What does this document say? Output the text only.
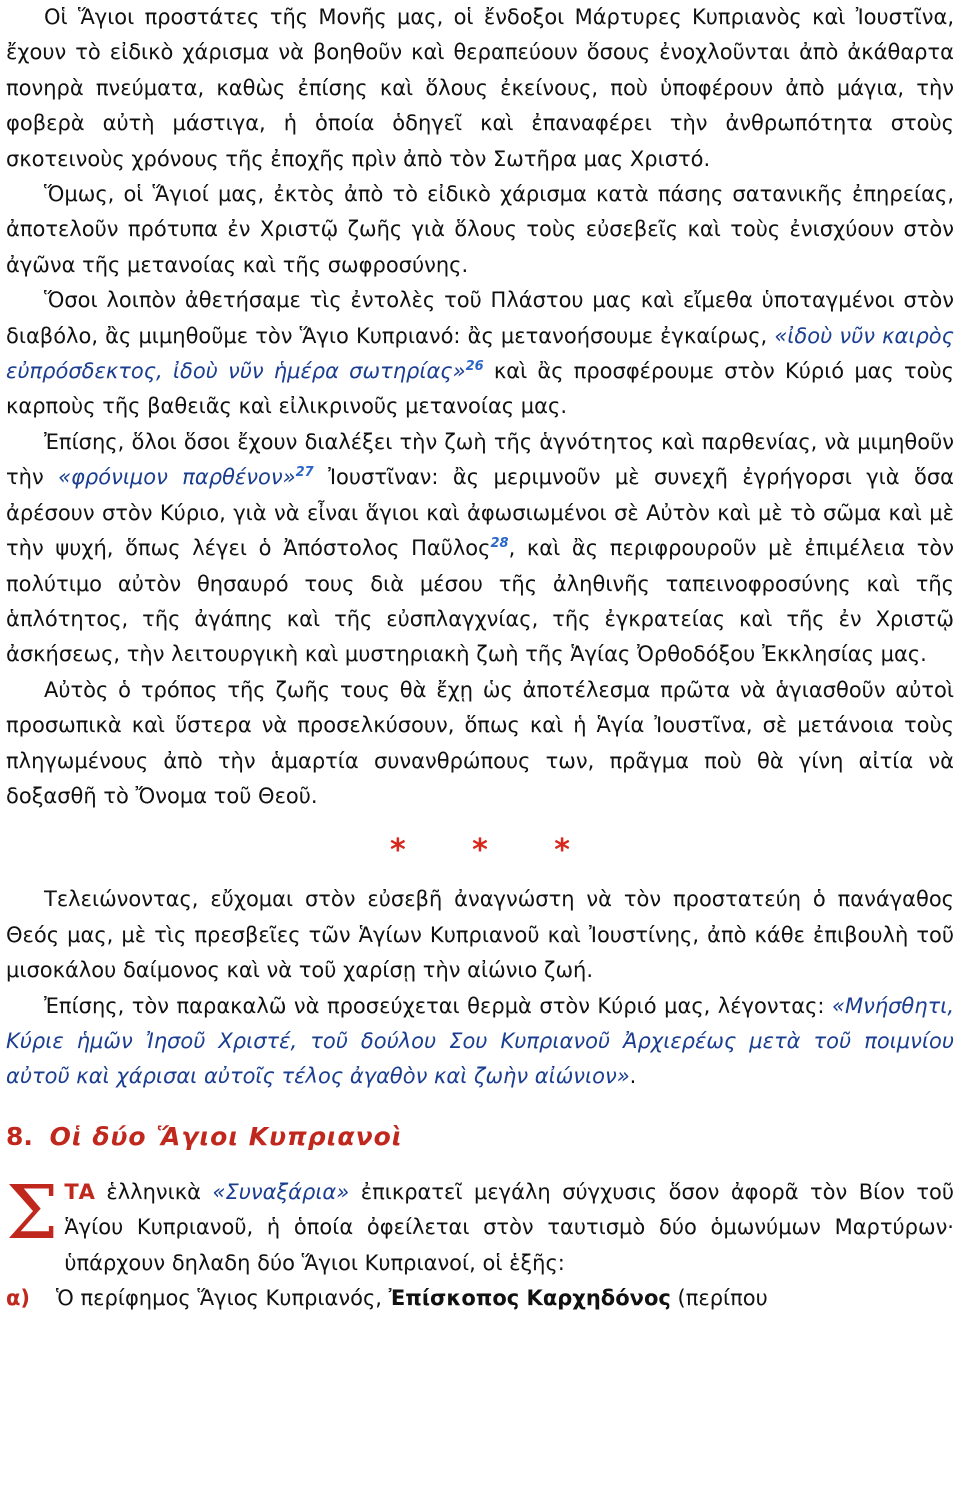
Οἱ Ἅγιοι προστάτες τῆς Μονῆς μας, οἱ ἔνδοξοι Μάρτυρες Κυπριανὸς καὶ Ἰουστῖνα, ἔχουν τὸ εἰδικὸ χάρισμα νὰ βοηθοῦν καὶ θεραπεύουν ὅσους ἐνοχλοῦνται ἀπὸ ἀκάθαρτα πονηρὰ πνεύματα, καθὼς ἐπίσης καὶ ὅλους ἐκείνους, ποὺ ὑποφέρουν ἀπὸ μάγια, τὴν φοβερὰ αὐτὴ μάστιγα, ἡ ὁποία ὁδηγεῖ καὶ ἐπαναφέρει τὴν ἀνθρωπότητα στοὺς σκοτεινοὺς χρόνους τῆς ἐποχῆς πρὶν ἀπὸ τὸν Σωτῆρα μας Χριστό.

Ὅμως, οἱ Ἅγιοί μας, ἐκτὸς ἀπὸ τὸ εἰδικὸ χάρισμα κατὰ πάσης σατανικῆς ἐπηρείας, ἀποτελοῦν πρότυπα ἐν Χριστῷ ζωῆς γιὰ ὅλους τοὺς εὐσεβεῖς καὶ τοὺς ἐνισχύουν στὸν ἀγῶνα τῆς μετανοίας καὶ τῆς σωφροσύνης.

Ὅσοι λοιπὸν ἀθετήσαμε τὶς ἐντολὲς τοῦ Πλάστου μας καὶ εἴμεθα ὑποταγμένοι στὸν διαβόλο, ἂς μιμηθοῦμε τὸν Ἅγιο Κυπριανό: ἂς μετανοήσουμε ἐγκαίρως, «ἰδοὺ νῦν καιρὸς εὐπρόσδεκτος, ἰδοὺ νῦν ἡμέρα σωτηρίας»$^{26}$ καὶ ἂς προσφέρουμε στὸν Κύριό μας τοὺς καρποὺς τῆς βαθειᾶς καὶ εἰλικρινοῦς μετανοίας μας.

Ἐπίσης, ὅλοι ὅσοι ἔχουν διαλέξει τὴν ζωὴ τῆς ἁγνότητος καὶ παρθενίας, νὰ μιμηθοῦν τὴν «φρόνιμον παρθένον»$^{27}$ Ἰουστῖναν: ἂς μεριμνοῦν μὲ συνεχῆ ἐγρήγορσι γιὰ ὅσα ἀρέσουν στὸν Κύριο, γιὰ νὰ εἶναι ἅγιοι καὶ ἀφωσιωμένοι σὲ Αὐτὸν καὶ μὲ τὸ σῶμα καὶ μὲ τὴν ψυχή, ὅπως λέγει ὁ Ἀπόστολος Παῦλος$^{28}$, καὶ ἂς περιφρουροῦν μὲ ἐπιμέλεια τὸν πολύτιμο αὐτὸν θησαυρό τους διὰ μέσου τῆς ἀληθινῆς ταπεινοφροσύνης καὶ τῆς ἁπλότητος, τῆς ἀγάπης καὶ τῆς εὐσπλαγχνίας, τῆς ἐγκρατείας καὶ τῆς ἐν Χριστῷ ἀσκήσεως, τὴν λειτουργικὴ καὶ μυστηριακὴ ζωὴ τῆς Ἁγίας Ὀρθοδόξου Ἐκκλησίας μας.

Αὐτὸς ὁ τρόπος τῆς ζωῆς τους θὰ ἔχῃ ὡς ἀποτέλεσμα πρῶτα νὰ ἁγιασθοῦν αὐτοὶ προσωπικὰ καὶ ὕστερα νὰ προσελκύσουν, ὅπως καὶ ἡ Ἁγία Ἰουστῖνα, σὲ μετάνοια τοὺς πληγωμένους ἀπὸ τὴν ἁμαρτία συνανθρώπους των, πρᾶγμα ποὺ θὰ γίνη αἰτία νὰ δοξασθῆ τὸ Ὄνομα τοῦ Θεοῦ.

* * *

Τελειώνοντας, εὔχομαι στὸν εὐσεβῆ ἀναγνώστη νὰ τὸν προστατεύη ὁ πανάγαθος Θεός μας, μὲ τὶς πρεσβεῖες τῶν Ἁγίων Κυπριανοῦ καὶ Ἰουστίνης, ἀπὸ κάθε ἐπιβουλὴ τοῦ μισοκάλου δαίμονος καὶ νὰ τοῦ χαρίσῃ τὴν αἰώνιο ζωή.

Ἐπίσης, τὸν παρακαλῶ νὰ προσεύχεται θερμὰ στὸν Κύριό μας, λέγοντας: «Μνήσθητι, Κύριε ἡμῶν Ἰησοῦ Χριστέ, τοῦ δούλου Σου Κυπριανοῦ Ἀρχιερέως μετὰ τοῦ ποιμνίου αὐτοῦ καὶ χάρισαι αὐτοῖς τέλος ἀγαθὸν καὶ ζωὴν αἰώνιον».

8. Οἱ δύο Ἅγιοι Κυπριανοὶ
Σ ΤΑ ἑλληνικὰ «Συναξάρια» ἐπικρατεῖ μεγάλη σύγχυσις ὅσον ἀφορᾶ τὸν Βίον τοῦ Ἁγίου Κυπριανοῦ, ἡ ὁποία ὀφείλεται στὸν ταυτισμὸ δύο ὁμωνύμων Μαρτύρων· ὑπάρχουν δηλαδη δύο Ἅγιοι Κυπριανοί, οἱ ἑξῆς:

α) Ὁ περίφημος Ἅγιος Κυπριανός, Ἐπίσκοπος Καρχηδόνος (περίπου
